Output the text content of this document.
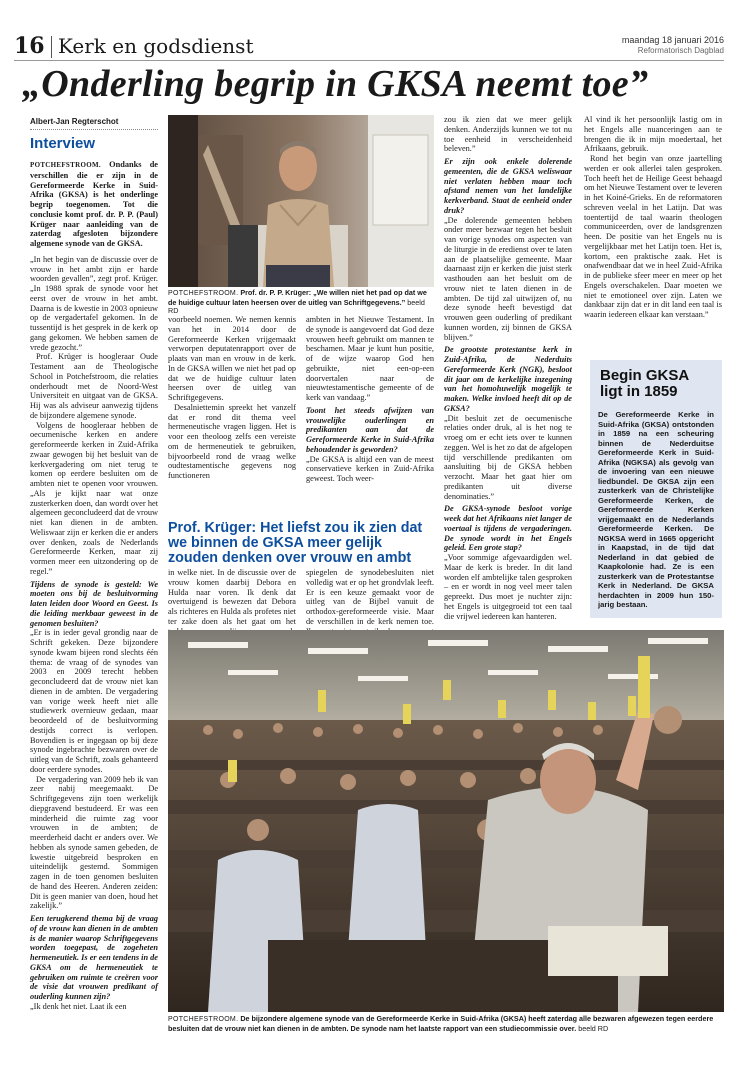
16 Kerk en godsdienst	maandag 18 januari 2016
Reformatorisch Dagblad
„Onderling begrip in GKSA neemt toe”
Albert-Jan Regterschot
Interview

POTCHEFSTROOM. Ondanks de verschillen die er zijn in de Gereformeerde Kerke in Suid-Afrika (GKSA) is het onderlinge begrip toegenomen. Tot die conclusie komt prof. dr. P. P. (Paul) Krüger naar aanleiding van de zaterdag afgesloten bijzondere algemene synode van de GKSA.

„In het begin van de discussie over de vrouw in het ambt zijn er harde woorden gevallen”, zegt prof. Krüger. „In 1988 sprak de synode voor het eerst over de vrouw in het ambt. Daarna is de kwestie in 2003 opnieuw op de vergadertafel gekomen. In de tussentijd is het gesprek in de kerk op gang gekomen. We hebben samen de vrede gezocht.”

Prof. Krüger is hoogleraar Oude Testament aan de Theologische School in Potchefstroom, die relaties onderhoudt met de Noord-West Universiteit en uitgaat van de GKSA. Hij was als adviseur aanwezig tijdens de bijzondere algemene synode.

Volgens de hoogleraar hebben de oecumenische kerken en andere gereformeerde kerken in Zuid-Afrika zwaar gewogen bij het besluit van de kerkvergadering om niet terug te komen op eerdere besluiten om de ambten niet te openen voor vrouwen. „Als je kijkt naar wat onze zusterkerken doen, dan wordt over het algemeen geconcludeerd dat de vrouw niet kan dienen in de ambten. Weliswaar zijn er kerken die er anders over denken, zoals de Nederlands Gereformeerde Kerken, maar zij vormen meer een uitzondering op de regel.”

Tijdens de synode is gesteld: We moeten ons bij de besluitvorming laten leiden door Woord en Geest. Is die leiding merkbaar geweest in de genomen besluiten?

„Er is in ieder geval grondig naar de Schrift gekeken. Deze bijzondere synode kwam bijeen rond slechts één thema: de vraag of de synodes van 2003 en 2009 terecht hebben geconcludeerd dat de vrouw niet kan dienen in de ambten. De vergadering van vorige week heeft niet alle studiewerk overnieuw gedaan, maar beoordeeld of de besluitvorming destijds correct is verlopen. Bovendien is er ingegaan op bij deze synode ingebrachte bezwaren over de uitleg van de Schrift, zoals gehanteerd door eerdere synodes.

De vergadering van 2009 heb ik van zeer nabij meegemaakt. De Schriftgegevens zijn toen werkelijk diepgravend bestudeerd. Er was een minderheid die ruimte zag voor vrouwen in de ambten; de meerderheid dacht er anders over. We hebben als synode samen gebeden, de kwestie uitgebreid besproken en uiteindelijk gestemd. Sommigen zagen in de toen genomen besluiten de hand des Heeren. Anderen zeiden: Dit is geen manier van doen, houd het zakelijk.”

Een terugkerend thema bij de vraag of de vrouw kan dienen in de ambten is de manier waarop Schriftgegevens worden toegepast, de zogeheten hermeneutiek. Is er een tendens in de GKSA om de hermeneutiek te gebruiken om ruimte te creëren voor de visie dat vrouwen predikant of ouderling kunnen zijn?

„Ik denk het niet. Laat ik een

POTCHEFSTROOM. Prof. dr. P. P. Krüger: „We willen niet het pad op dat we de huidige cultuur laten heersen over de uitleg van Schriftgegevens.” beeld RD

voorbeeld noemen. We nemen kennis van het in 2014 door de Gereformeerde Kerken vrijgemaakt verworpen deputatenrapport over de plaats van man en vrouw in de kerk. In de GKSA willen we niet het pad op dat we de huidige cultuur laten heersen over de uitleg van Schriftgegevens.

Desalniettemin spreekt het vanzelf dat er rond dit thema veel hermeneutische vragen liggen. Het is voor een theoloog zelfs een vereiste om de hermeneutiek te gebruiken, bijvoorbeeld rond de vraag welke oudtestamentische gegevens nog functioneren

ambten in het Nieuwe Testament. In de synode is aangevoerd dat God deze vrouwen heeft gebruikt om mannen te beschamen. Maar je kunt hun positie, of de wijze waarop God hen gebruikte, niet een-op-een doorvertalen naar de nieuwtestamentische gemeente of de kerk van vandaag.”

Toont het steeds afwijzen van vrouwelijke ouderlingen en predikanten aan dat de Gereformeerde Kerke in Suid-Afrika behoudender is geworden?

„De GKSA is altijd een van de meest conservatieve kerken in Zuid-Afrika geweest. Toch weer-

Prof. Krüger: Het liefst zou ik zien dat we binnen de GKSA meer gelijk zouden denken over vrouw en ambt

in welke niet. In de discussie over de vrouw komen daarbij Debora en Hulda naar voren. Ik denk dat overtuigend is bewezen dat Debora als richteres en Hulda als profetes niet ter zake doen als het gaat om het

spiegelen de synodebesluiten niet volledig wat er op het grondvlak leeft. Er is een keuze gemaakt voor de uitleg van de Bijbel vanuit de orthodox-gereformeerde visie. Maar de verschillen in de kerk nemen toe.

zou ik zien dat we meer gelijk denken. Anderzijds kunnen we tot nu toe eenheid in verscheidenheid beleven.”

Er zijn ook enkele dolerende gemeenten, die de GKSA weliswaar niet verlaten hebben maar toch afstand nemen van het landelijke kerkverband. Staat de eenheid onder druk?

„De dolerende gemeenten hebben onder meer bezwaar tegen het besluit van vorige synodes om aspecten van de liturgie in de eredienst over te laten aan de plaatselijke gemeente. Maar daarnaast zijn er kerken die juist sterk vasthouden aan het besluit om de vrouw niet te laten dienen in de ambten. De tijd zal uitwijzen of, nu deze synode heeft bevestigd dat vrouwen geen ouderling of predikant kunnen worden, zij binnen de GKSA blijven.”

De grootste protestantse kerk in Zuid-Afrika, de Nederduits Gereformeerde Kerk (NGK), besloot dit jaar om de kerkelijke inzegening van het homohuwelijk mogelijk te maken. Welke invloed heeft dit op de GKSA?

„Dit besluit zet de oecumenische relaties onder druk, al is het nog te vroeg om er echt iets over te kunnen zeggen. Wel is het zo dat de afgelopen tijd verschillende predikanten om aansluiting bij de GKSA hebben verzocht. Maar het gaat hier om predikanten uit diverse denominaties.”

De GKSA-synode besloot vorige week dat het Afrikaans niet langer de voertaal is tijdens de vergaderingen. De synode wordt in het Engels geleid. Een grote stap?

„Voor sommige afgevaardigden wel. Maar de kerk is breder. In dit land worden elf ambtelijke talen gesproken – en er wordt in nog veel meer talen gepreekt. Dus moet je nuchter zijn: het Engels is uitgegroeid tot een taal die vrijwel iedereen kan hanteren.

Al vind ik het persoonlijk lastig om in het Engels alle nuanceringen aan te brengen die ik in mijn moedertaal, het Afrikaans, gebruik.

Rond het begin van onze jaartelling werden er ook allerlei talen gesproken. Toch heeft het de Heilige Geest behaagd om het Nieuwe Testament over te leveren in het Koiné-Grieks. En de reformatoren schreven veelal in het Latijn. Dat was toentertijd de taal waarin theologen communiceerden, over de landsgrenzen heen. De positie van het Engels nu is vergelijkbaar met het Latijn toen. Het is, kortom, een praktische zaak. Het is onafwendbaar dat we in heel Zuid-Afrika in de publieke sfeer meer en meer op het Engels overschakelen. Daar moeten we niet te emotioneel over zijn. Laten we dankbaar zijn dat er in dit land een taal is waarin iedereen elkaar kan verstaan.”

Begin GKSA ligt in 1859
De Gereformeerde Kerke in Suid-Afrika (GKSA) ontstonden in 1859 na een scheuring binnen de Nederduitse Gereformeerde Kerk in Suid-Afrika (NGKSA) als gevolg van de invoering van een nieuwe liedbundel. De GKSA zijn een zusterkerk van de Christelijke Gereformeerde Kerken, de Gereformeerde Kerken vrijgemaakt en de Nederlands Gereformeerde Kerken. De NGKSA werd in 1665 opgericht in Kaapstad, in de tijd dat Nederland in dat gebied de Kaapkolonie had. Ze is een zusterkerk van de Protestantse Kerk in Nederland. De GKSA herdachten in 2009 hun 150-jarig bestaan.
POTCHEFSTROOM. De bijzondere algemene synode van de Gereformeerde Kerke in Suid-Afrika (GKSA) heeft zaterdag alle bezwaren afgewezen tegen eerdere besluiten dat de vrouw niet kan dienen in de ambten. De synode nam het laatste rapport van een studiecommissie over. beeld RD
